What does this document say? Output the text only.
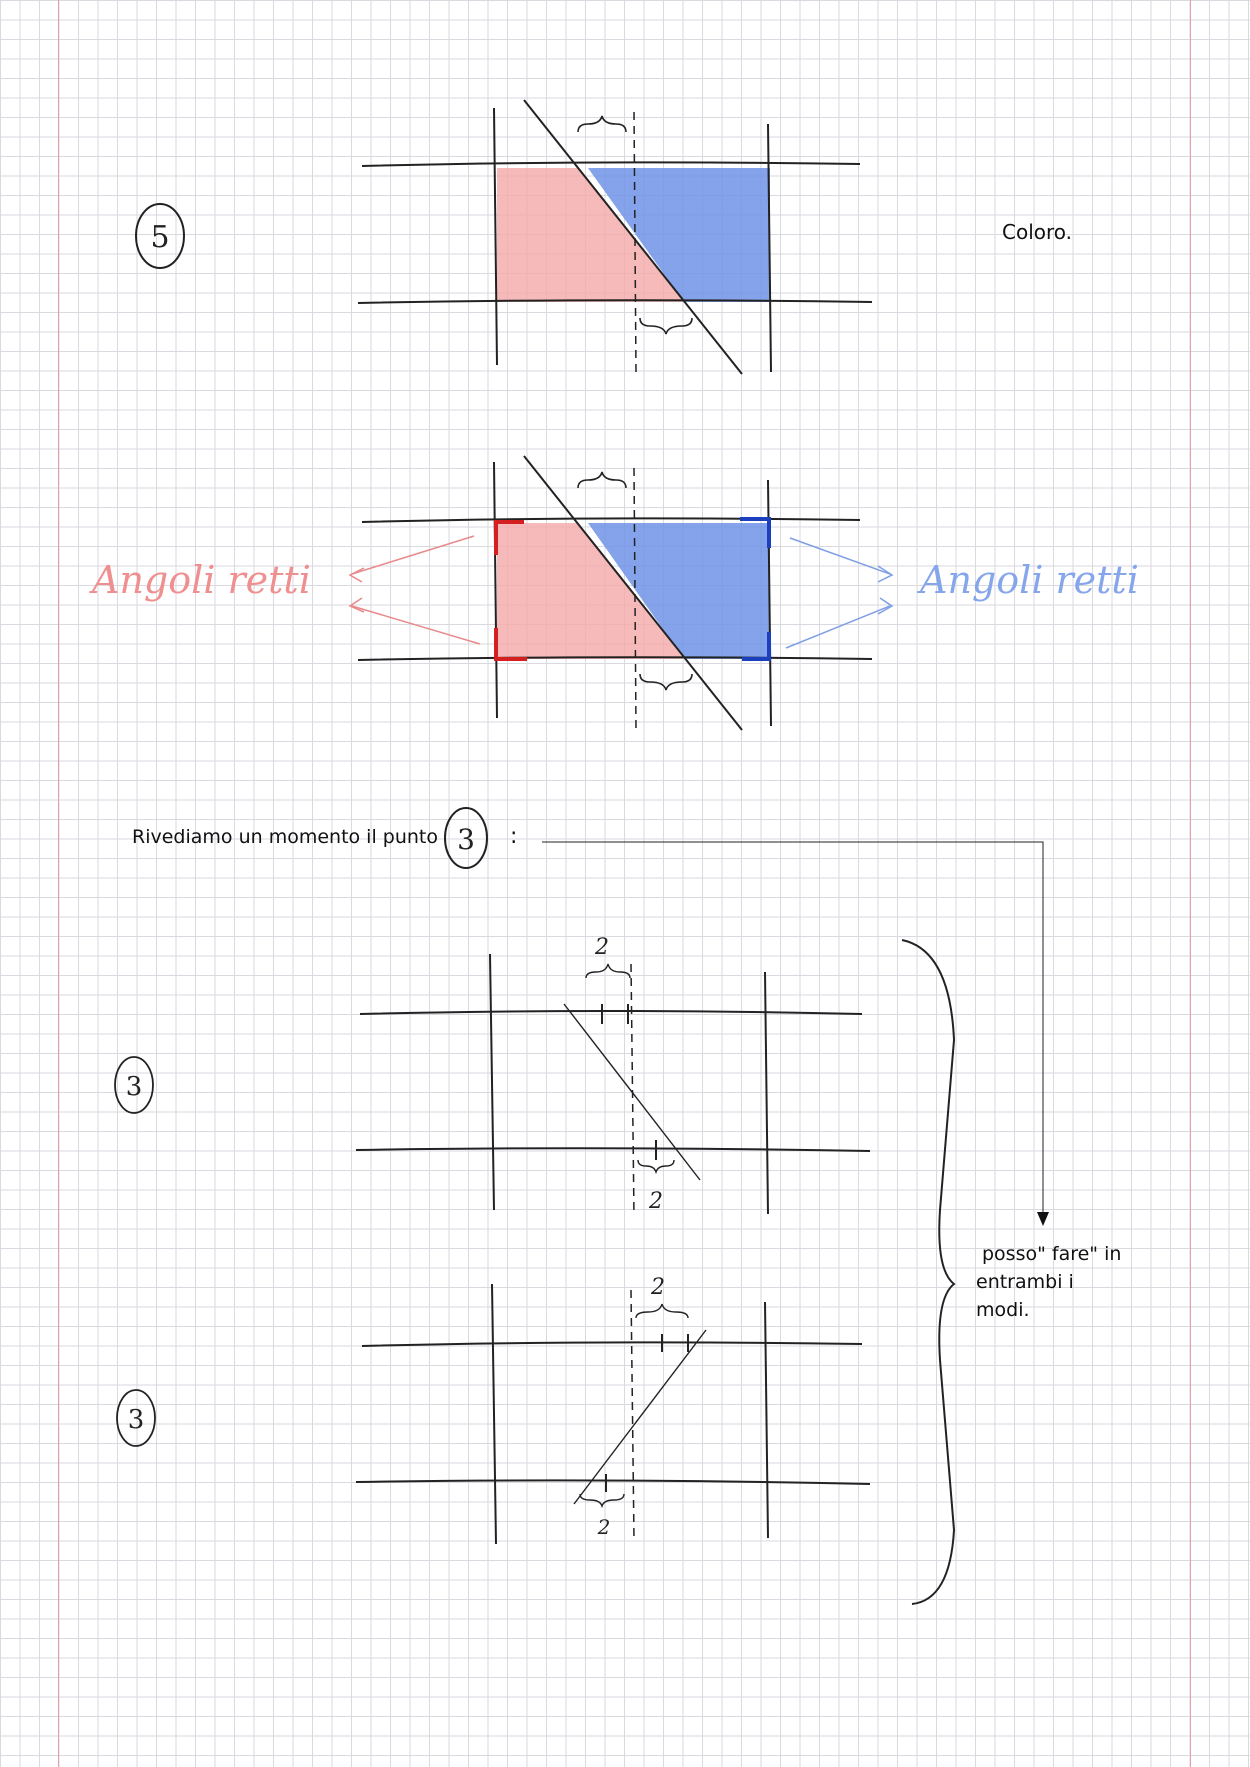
5
3
3
2
2
3
2
2
Coloro.
Angoli retti	Angoli retti
Rivediamo un momento il punto	:
posso" fare" in
entrambi i
modi.
